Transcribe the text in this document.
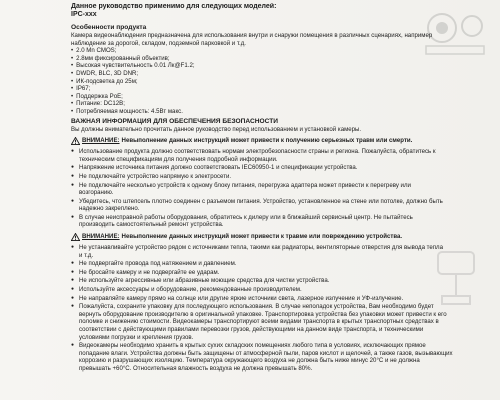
Данное руководство применимо для следующих моделей:
IPC-xxx
Особенности продукта
Камера видеонаблюдения предназначена для использования внутри и снаружи помещения в различных сценариях, например
наблюдение за дорогой, складом, подземной парковкой и т.д.
• 2.0 Mn CMOS;
• 2.8мм фиксированный объектив;
• Высокая чувствительность 0.01 Лк@F1.2;
• DWDR, BLC, 3D DNR;
• ИК-подсветка до 25м;
• IP67;
• Поддержка PoE;
• Питание: DC12B;
• Потребляемая мощность: 4.5Вт макс.
ВАЖНАЯ ИНФОРМАЦИЯ ДЛЯ ОБЕСПЕЧЕНИЯ БЕЗОПАСНОСТИ
Вы должны внимательно прочитать данное руководство перед использованием и установкой камеры.
ВНИМАНИЕ: Невыполнение данных инструкций может привести к получению серьезных травм или смерти.
● Использование продукта должно соответствовать нормам электробезопасности страны и региона. Пожалуйста, обратитесь к
техническим спецификациям для получения подробной информации.
● Напряжение источника питания должно соответствовать IEC60950-1 и спецификации устройства.
● Не подключайте устройство напрямую к электросети.
● Не подключайте несколько устройств к одному блоку питания, перегрузка адаптера может привести к перегреву или
возгоранию.
● Убедитесь, что штепсель плотно соединен с разъемом питания. Устройство, установленное на стене или потолке, должно быть
надежно закреплено.
● В случае неисправной работы оборудования, обратитесь к дилеру или в ближайший сервисный центр. Не пытайтесь
производить самостоятельный ремонт устройства.
ВНИМАНИЕ: Невыполнение данных инструкций может привести к травме или повреждению устройства.
● Не устанавливайте устройство рядом с источниками тепла, такими как радиаторы, вентиляторные отверстия для вывода тепла
и т.д.
● Не подвергайте провода под натяжением и давлением.
● Не бросайте камеру и не подвергайте ее ударам.
● Не используйте агрессивные или абразивные моющие средства для чистки устройства.
● Используйте аксессуары и оборудование, рекомендованные производителем.
● Не направляйте камеру прямо на солнце или другие яркие источники света, лазерное излучение и УФ-излучение.
● Пожалуйста, сохраните упаковку для последующего использования. В случае неполадок устройства, Вам необходимо будет
вернуть оборудование производителю в оригинальной упаковке. Транспортировка устройства без упаковки может привести к его
поломке и снижению стоимости. Видеокамеры транспортируют всеми видами транспорта в крытых транспортных средствах в
соответствии с действующими правилами перевозки грузов, действующими на данном виде транспорта, и техническими
условиями погрузки и крепления грузов.
● Видеокамеры необходимо хранить в крытых сухих складских помещениях любого типа в условиях, исключающих прямое
попадание влаги. Устройства должны быть защищены от атмосферной пыли, паров кислот и щелочей, а также газов, вызывающих
коррозию и разрушающих изоляцию. Температура окружающего воздуха не должна быть ниже минус 20°C и не должна
превышать +60°C. Относительная влажность воздуха не должна превышать 80%.
